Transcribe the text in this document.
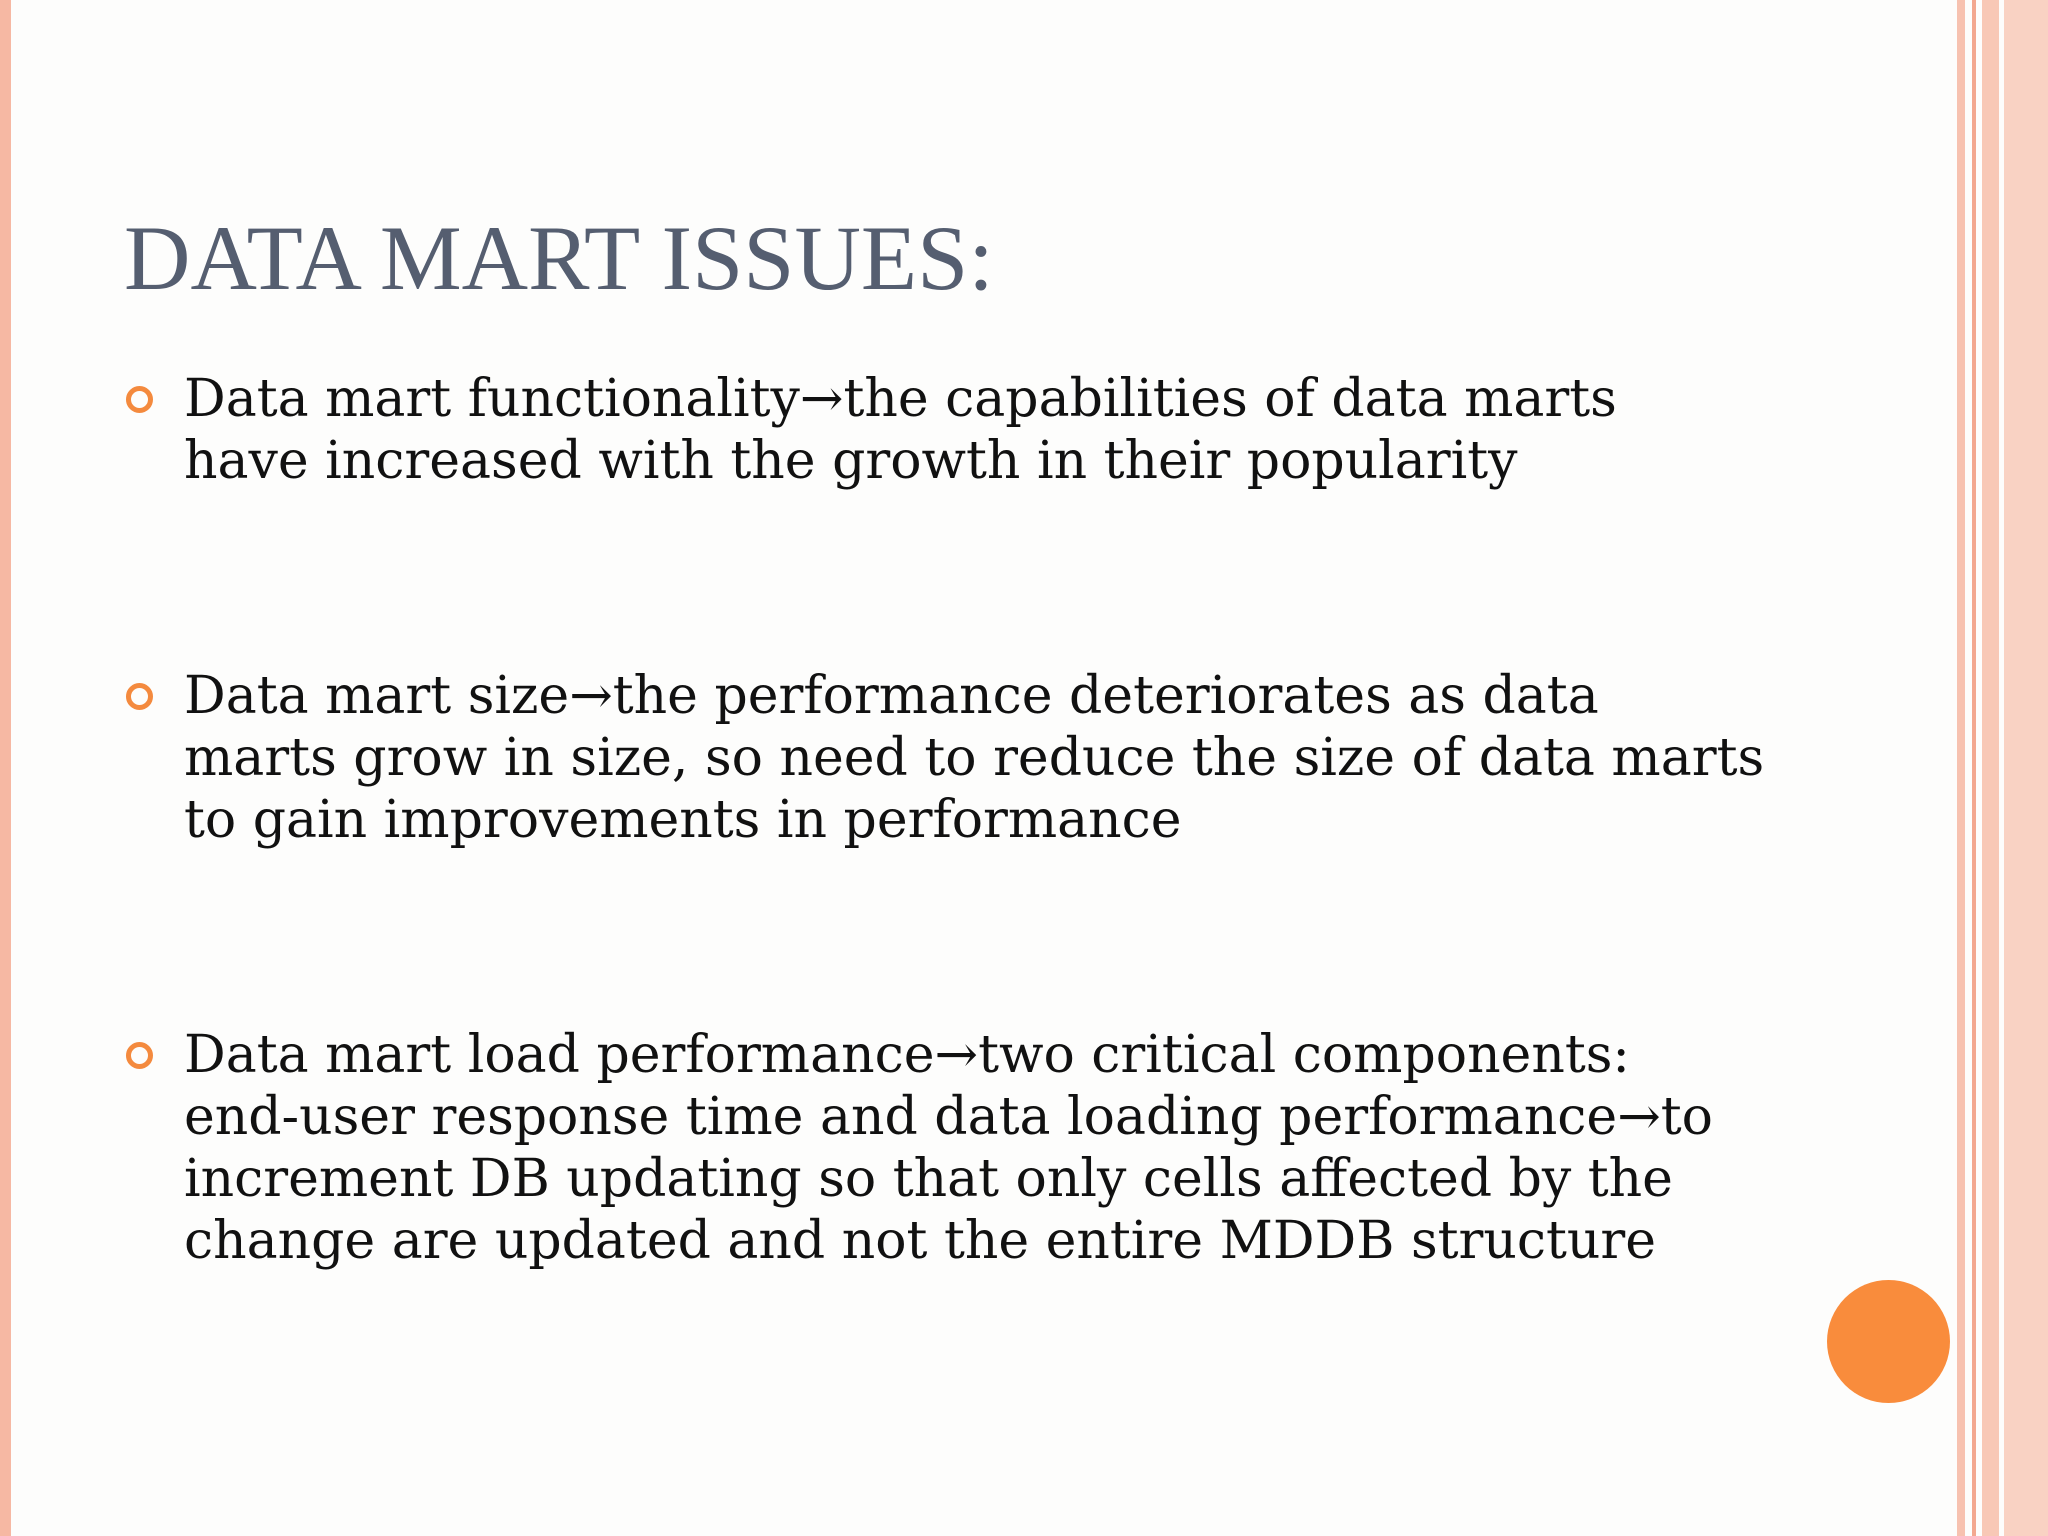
DATA MART ISSUES:

Data mart functionality→the capabilities of data marts
have increased with the growth in their popularity

Data mart size→the performance deteriorates as data
marts grow in size, so need to reduce the size of data marts
to gain improvements in performance

Data mart load performance→two critical components:
end-user response time and data loading performance→to
increment DB updating so that only cells affected by the
change are updated and not the entire MDDB structure
